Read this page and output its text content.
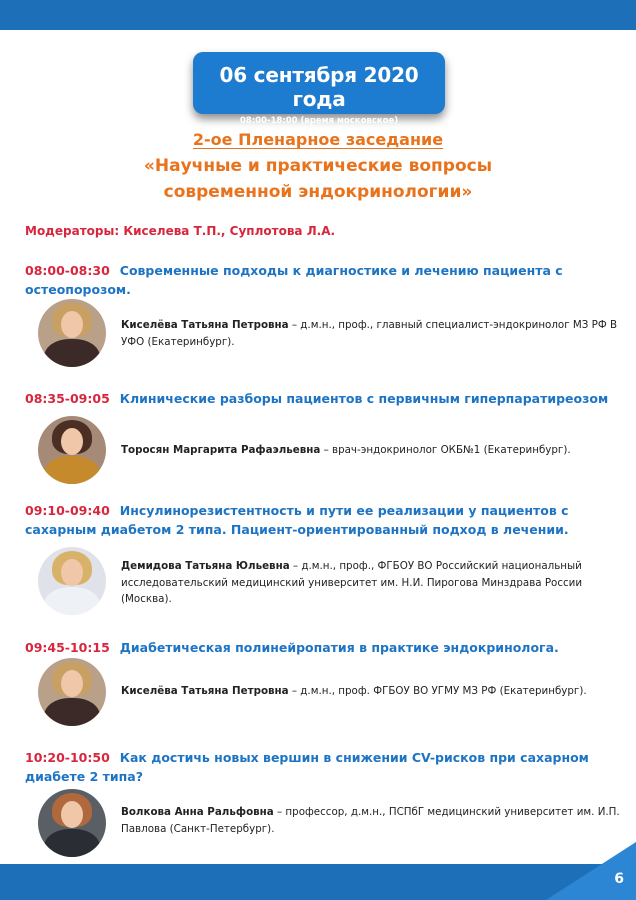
06 сентября 2020 года
08:00-18:00 (время московское)
2-ое Пленарное заседание
«Научные и практические вопросы
современной эндокринологии»
Модераторы: Киселева Т.П., Суплотова Л.А.
08:00-08:30 Современные подходы к диагностике и лечению пациента с остеопорозом.
Киселёва Татьяна Петровна – д.м.н., проф., главный специалист-эндокринолог МЗ РФ В УФО (Екатеринбург).
08:35-09:05 Клинические разборы пациентов с первичным гиперпаратиреозом
Торосян Маргарита Рафаэльевна – врач-эндокринолог ОКБ№1 (Екатеринбург).
09:10-09:40 Инсулинорезистентность и пути ее реализации у пациентов с сахарным диабетом 2 типа. Пациент-ориентированный подход в лечении.
Демидова Татьяна Юльевна – д.м.н., проф., ФГБОУ ВО Российский национальный исследовательский медицинский университет им. Н.И. Пирогова Минздрава России (Москва).
09:45-10:15 Диабетическая полинейропатия в практике эндокринолога.
Киселёва Татьяна Петровна – д.м.н., проф. ФГБОУ ВО УГМУ МЗ РФ (Екатеринбург).
10:20-10:50 Как достичь новых вершин в снижении CV-рисков при сахарном диабете 2 типа?
Волкова Анна Ральфовна – профессор, д.м.н., ПСПбГ медицинский университет им. И.П. Павлова (Санкт-Петербург).
6
